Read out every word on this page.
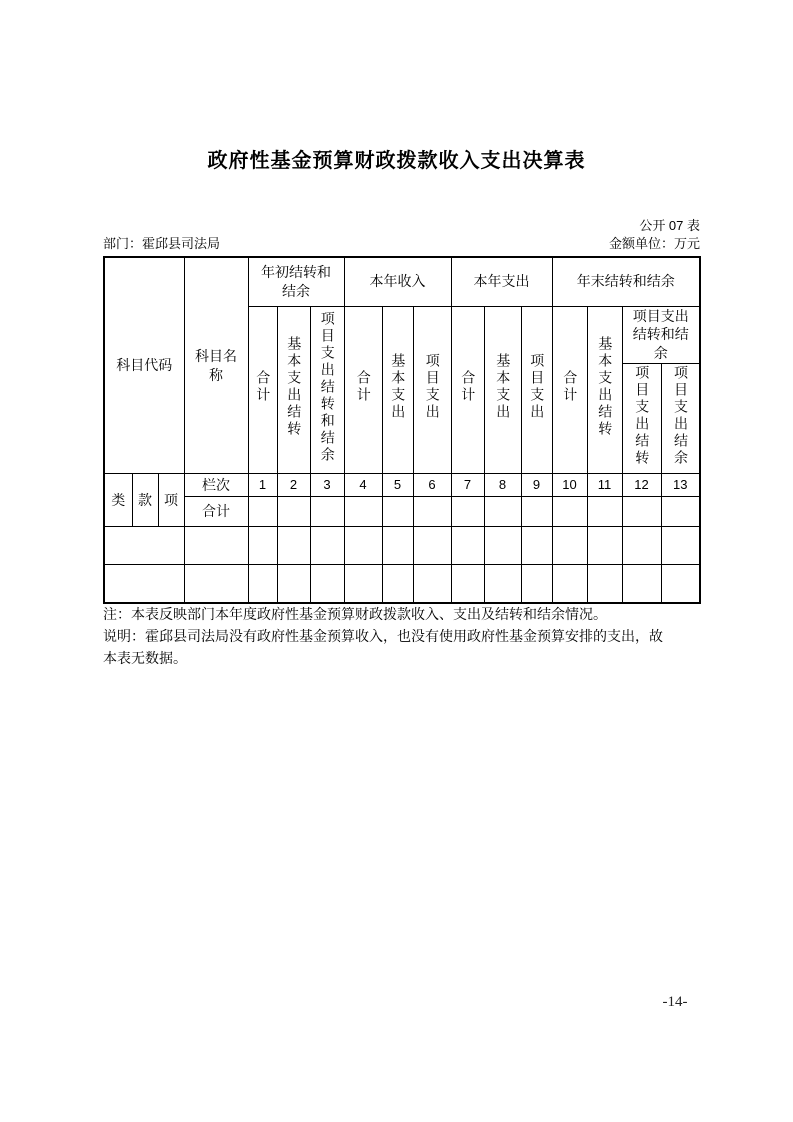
政府性基金预算财政拨款收入支出决算表
公开 07 表
部门：霍邱县司法局	金额单位：万元
科目代码			科目名称	年初结转和结余			本年收入			本年支出			年末结转和结余			
				合计	基本支出结转	项目支出结转和结余	合计	基本支出	项目支出	合计	基本支出	项目支出	合计	基本支出结转	项目支出结转和结余	
															项目支出结转	项目支出结余
类	款	项	栏次	1	2	3	4	5	6	7	8	9	10	11	12	13
			合计													

注：本表反映部门本年度政府性基金预算财政拨款收入、支出及结转和结余情况。

说明：霍邱县司法局没有政府性基金预算收入，也没有使用政府性基金预算安排的支出，故本表无数据。

-14-
